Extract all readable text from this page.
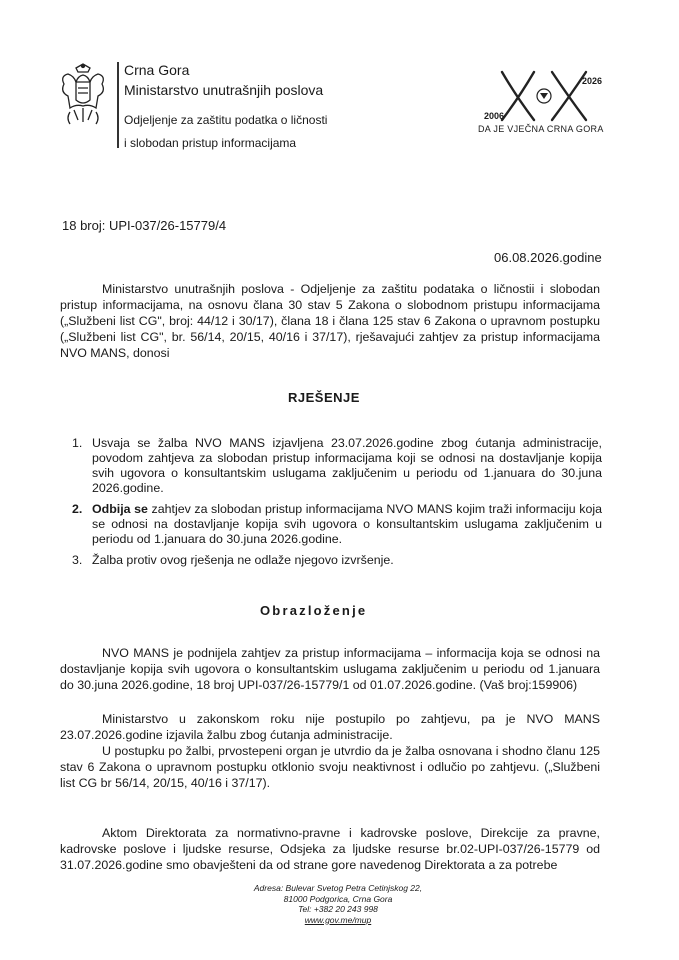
Crna Gora
Ministarstvo unutrašnjih poslova
Odjeljenje za zaštitu podatka o ličnosti
i slobodan pristup informacijama
2006
2026
DA JE VJEČNA CRNA GORA
18 broj: UPI-037/26-15779/4
06.08.2026.godine
Ministarstvo unutrašnjih poslova - Odjeljenje za zaštitu podataka o ličnostii i slobodan pristup informacijama, na osnovu člana 30 stav 5 Zakona o slobodnom pristupu informacijama („Službeni list CG", broj: 44/12 i 30/17), člana 18 i člana 125 stav 6 Zakona o upravnom postupku („Službeni list CG", br. 56/14, 20/15, 40/16 i 37/17), rješavajući zahtjev za pristup informacijama NVO MANS, donosi
RJEŠENJE
1. Usvaja se žalba NVO MANS izjavljena 23.07.2026.godine zbog ćutanja administracije, povodom zahtjeva za slobodan pristup informacijama koji se odnosi na dostavljanje kopija svih ugovora o konsultantskim uslugama zaključenim u periodu od 1.januara do 30.juna 2026.godine.
2. Odbija se zahtjev za slobodan pristup informacijama NVO MANS kojim traži informaciju koja se odnosi na dostavljanje kopija svih ugovora o konsultantskim uslugama zaključenim u periodu od 1.januara do 30.juna 2026.godine.
3. Žalba protiv ovog rješenja ne odlaže njegovo izvršenje.
Obrazloženje
NVO MANS je podnijela zahtjev za pristup informacijama – informacija koja se odnosi na dostavljanje kopija svih ugovora o konsultantskim uslugama zaključenim u periodu od 1.januara do 30.juna 2026.godine, 18 broj UPI-037/26-15779/1 od 01.07.2026.godine. (Vaš broj:159906)
Ministarstvo u zakonskom roku nije postupilo po zahtjevu, pa je NVO MANS 23.07.2026.godine izjavila žalbu zbog ćutanja administracije.
U postupku po žalbi, prvostepeni organ je utvrdio da je žalba osnovana i shodno članu 125 stav 6 Zakona o upravnom postupku otklonio svoju neaktivnost i odlučio po zahtjevu. („Službeni list CG br 56/14, 20/15, 40/16 i 37/17).
Aktom Direktorata za normativno-pravne i kadrovske poslove, Direkcije za pravne, kadrovske poslove i ljudske resurse, Odsjeka za ljudske resurse br.02-UPI-037/26-15779 od 31.07.2026.godine smo obavješteni da od strane gore navedenog Direktorata a za potrebe
Adresa: Bulevar Svetog Petra Cetinjskog 22,
81000 Podgorica, Crna Gora
Tel: +382 20 243 998
www.gov.me/mup
